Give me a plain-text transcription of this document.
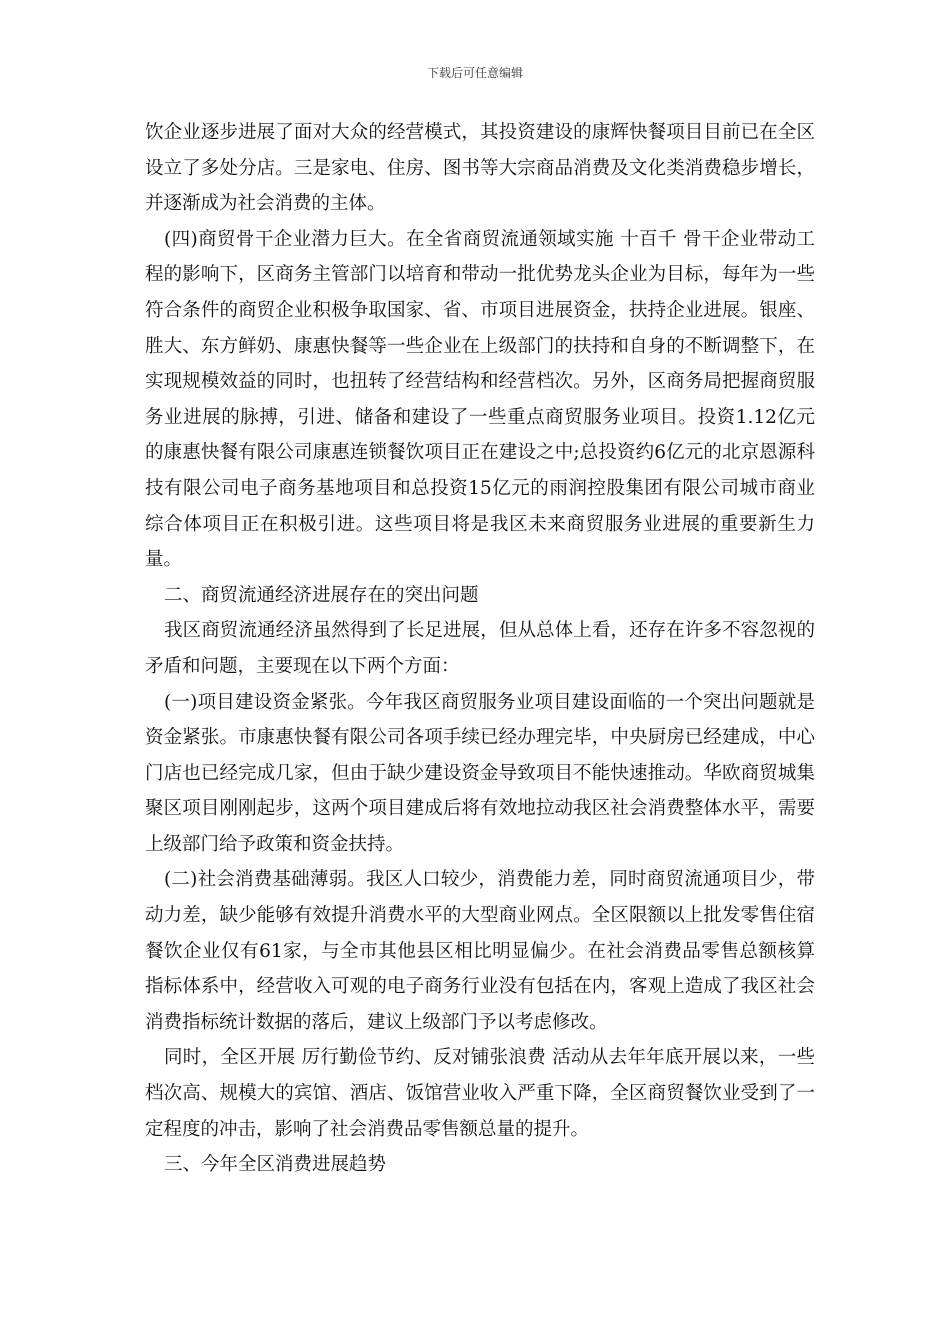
下载后可任意编辑

饮企业逐步进展了面对大众的经营模式，其投资建设的康辉快餐项目目前已在全区设立了多处分店。三是家电、住房、图书等大宗商品消费及文化类消费稳步增长，并逐渐成为社会消费的主体。

(四)商贸骨干企业潜力巨大。在全省商贸流通领域实施 十百千 骨干企业带动工程的影响下，区商务主管部门以培育和带动一批优势龙头企业为目标，每年为一些符合条件的商贸企业积极争取国家、省、市项目进展资金，扶持企业进展。银座、胜大、东方鲜奶、康惠快餐等一些企业在上级部门的扶持和自身的不断调整下，在实现规模效益的同时，也扭转了经营结构和经营档次。另外，区商务局把握商贸服务业进展的脉搏，引进、储备和建设了一些重点商贸服务业项目。投资1.12亿元的康惠快餐有限公司康惠连锁餐饮项目正在建设之中;总投资约6亿元的北京恩源科技有限公司电子商务基地项目和总投资15亿元的雨润控股集团有限公司城市商业综合体项目正在积极引进。这些项目将是我区未来商贸服务业进展的重要新生力量。

二、商贸流通经济进展存在的突出问题

我区商贸流通经济虽然得到了长足进展，但从总体上看，还存在许多不容忽视的矛盾和问题，主要现在以下两个方面：

(一)项目建设资金紧张。今年我区商贸服务业项目建设面临的一个突出问题就是资金紧张。市康惠快餐有限公司各项手续已经办理完毕，中央厨房已经建成，中心门店也已经完成几家，但由于缺少建设资金导致项目不能快速推动。华欧商贸城集聚区项目刚刚起步，这两个项目建成后将有效地拉动我区社会消费整体水平，需要上级部门给予政策和资金扶持。

(二)社会消费基础薄弱。我区人口较少，消费能力差，同时商贸流通项目少，带动力差，缺少能够有效提升消费水平的大型商业网点。全区限额以上批发零售住宿餐饮企业仅有61家，与全市其他县区相比明显偏少。在社会消费品零售总额核算指标体系中，经营收入可观的电子商务行业没有包括在内，客观上造成了我区社会消费指标统计数据的落后，建议上级部门予以考虑修改。

同时，全区开展 厉行勤俭节约、反对铺张浪费 活动从去年年底开展以来，一些档次高、规模大的宾馆、酒店、饭馆营业收入严重下降，全区商贸餐饮业受到了一定程度的冲击，影响了社会消费品零售额总量的提升。

三、今年全区消费进展趋势
